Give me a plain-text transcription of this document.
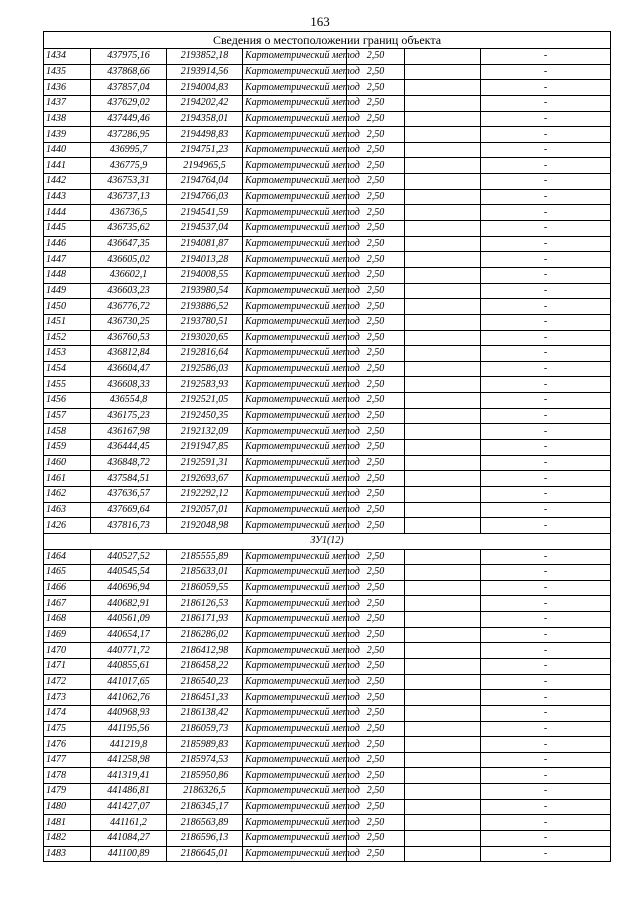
163
Сведения о местоположении границ объекта						
1434	437975,16	2193852,18	Картометрический метод	2,50		-
1435	437868,66	2193914,56	Картометрический метод	2,50		-
1436	437857,04	2194004,83	Картометрический метод	2,50		-
1437	437629,02	2194202,42	Картометрический метод	2,50		-
1438	437449,46	2194358,01	Картометрический метод	2,50		-
1439	437286,95	2194498,83	Картометрический метод	2,50		-
1440	436995,7	2194751,23	Картометрический метод	2,50		-
1441	436775,9	2194965,5	Картометрический метод	2,50		-
1442	436753,31	2194764,04	Картометрический метод	2,50		-
1443	436737,13	2194766,03	Картометрический метод	2,50		-
1444	436736,5	2194541,59	Картометрический метод	2,50		-
1445	436735,62	2194537,04	Картометрический метод	2,50		-
1446	436647,35	2194081,87	Картометрический метод	2,50		-
1447	436605,02	2194013,28	Картометрический метод	2,50		-
1448	436602,1	2194008,55	Картометрический метод	2,50		-
1449	436603,23	2193980,54	Картометрический метод	2,50		-
1450	436776,72	2193886,52	Картометрический метод	2,50		-
1451	436730,25	2193780,51	Картометрический метод	2,50		-
1452	436760,53	2193020,65	Картометрический метод	2,50		-
1453	436812,84	2192816,64	Картометрический метод	2,50		-
1454	436604,47	2192586,03	Картометрический метод	2,50		-
1455	436608,33	2192583,93	Картометрический метод	2,50		-
1456	436554,8	2192521,05	Картометрический метод	2,50		-
1457	436175,23	2192450,35	Картометрический метод	2,50		-
1458	436167,98	2192132,09	Картометрический метод	2,50		-
1459	436444,45	2191947,85	Картометрический метод	2,50		-
1460	436848,72	2192591,31	Картометрический метод	2,50		-
1461	437584,51	2192693,67	Картометрический метод	2,50		-
1462	437636,57	2192292,12	Картометрический метод	2,50		-
1463	437669,64	2192057,01	Картометрический метод	2,50		-
1426	437816,73	2192048,98	Картометрический метод	2,50		-
ЗУ1(12)						
1464	440527,52	2185555,89	Картометрический метод	2,50		-
1465	440545,54	2185633,01	Картометрический метод	2,50		-
1466	440696,94	2186059,55	Картометрический метод	2,50		-
1467	440682,91	2186126,53	Картометрический метод	2,50		-
1468	440561,09	2186171,93	Картометрический метод	2,50		-
1469	440654,17	2186286,02	Картометрический метод	2,50		-
1470	440771,72	2186412,98	Картометрический метод	2,50		-
1471	440855,61	2186458,22	Картометрический метод	2,50		-
1472	441017,65	2186540,23	Картометрический метод	2,50		-
1473	441062,76	2186451,33	Картометрический метод	2,50		-
1474	440968,93	2186138,42	Картометрический метод	2,50		-
1475	441195,56	2186059,73	Картометрический метод	2,50		-
1476	441219,8	2185989,83	Картометрический метод	2,50		-
1477	441258,98	2185974,53	Картометрический метод	2,50		-
1478	441319,41	2185950,86	Картометрический метод	2,50		-
1479	441486,81	2186326,5	Картометрический метод	2,50		-
1480	441427,07	2186345,17	Картометрический метод	2,50		-
1481	441161,2	2186563,89	Картометрический метод	2,50		-
1482	441084,27	2186596,13	Картометрический метод	2,50		-
1483	441100,89	2186645,01	Картометрический метод	2,50		-
